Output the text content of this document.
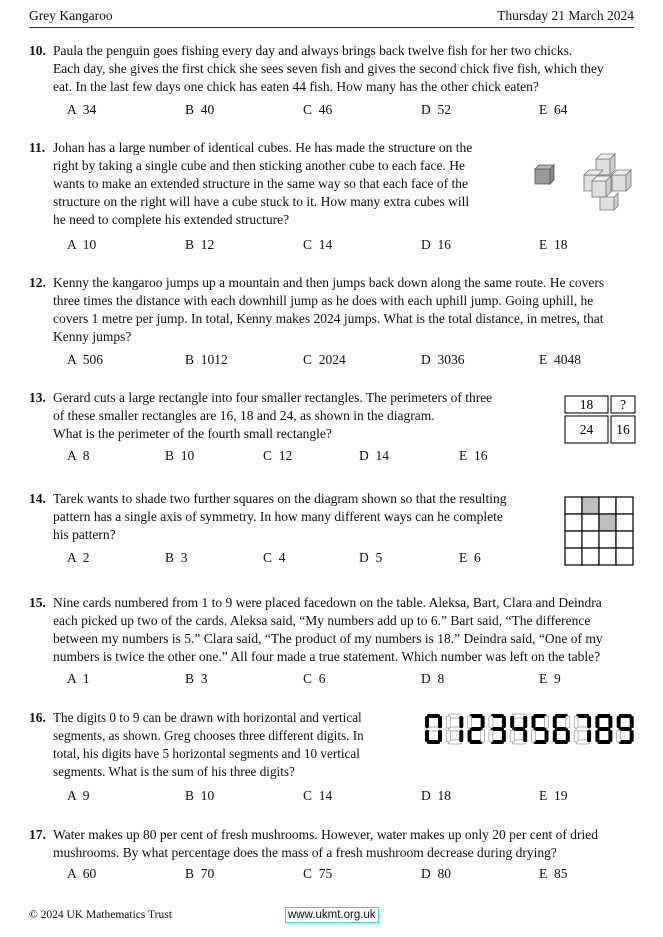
Grey Kangaroo	Thursday 21 March 2024
10. Paula the penguin goes fishing every day and always brings back twelve fish for her two chicks.
Each day, she gives the first chick she sees seven fish and gives the second chick five fish, which they
eat. In the last few days one chick has eaten 44 fish. How many has the other chick eaten?
A  34	B  40	C  46	D  52	E  64
11. Johan has a large number of identical cubes. He has made the structure on the
right by taking a single cube and then sticking another cube to each face. He
wants to make an extended structure in the same way so that each face of the
structure on the right will have a cube stuck to it. How many extra cubes will
he need to complete his extended structure?
A  10	B  12	C  14	D  16	E  18
12. Kenny the kangaroo jumps up a mountain and then jumps back down along the same route. He covers
three times the distance with each downhill jump as he does with each uphill jump. Going uphill, he
covers 1 metre per jump. In total, Kenny makes 2024 jumps. What is the total distance, in metres, that
Kenny jumps?
A  506	B  1012	C  2024	D  3036	E  4048
13. Gerard cuts a large rectangle into four smaller rectangles. The perimeters of three
of these smaller rectangles are 16, 18 and 24, as shown in the diagram.
What is the perimeter of the fourth small rectangle?
18 ?
24 16
A  8	B  10	C  12	D  14	E  16
14. Tarek wants to shade two further squares on the diagram shown so that the resulting
pattern has a single axis of symmetry. In how many different ways can he complete
his pattern?
A  2	B  3	C  4	D  5	E  6
15. Nine cards numbered from 1 to 9 were placed facedown on the table. Aleksa, Bart, Clara and Deindra
each picked up two of the cards. Aleksa said, “My numbers add up to 6.” Bart said, “The difference
between my numbers is 5.” Clara said, “The product of my numbers is 18.” Deindra said, “One of my
numbers is twice the other one.” All four made a true statement. Which number was left on the table?
A  1	B  3	C  6	D  8	E  9
16. The digits 0 to 9 can be drawn with horizontal and vertical
segments, as shown. Greg chooses three different digits. In
total, his digits have 5 horizontal segments and 10 vertical
segments. What is the sum of his three digits?
A  9	B  10	C  14	D  18	E  19
17. Water makes up 80 per cent of fresh mushrooms. However, water makes up only 20 per cent of dried
mushrooms. By what percentage does the mass of a fresh mushroom decrease during drying?
A  60	B  70	C  75	D  80	E  85
© 2024 UK Mathematics Trust	www.ukmt.org.uk
